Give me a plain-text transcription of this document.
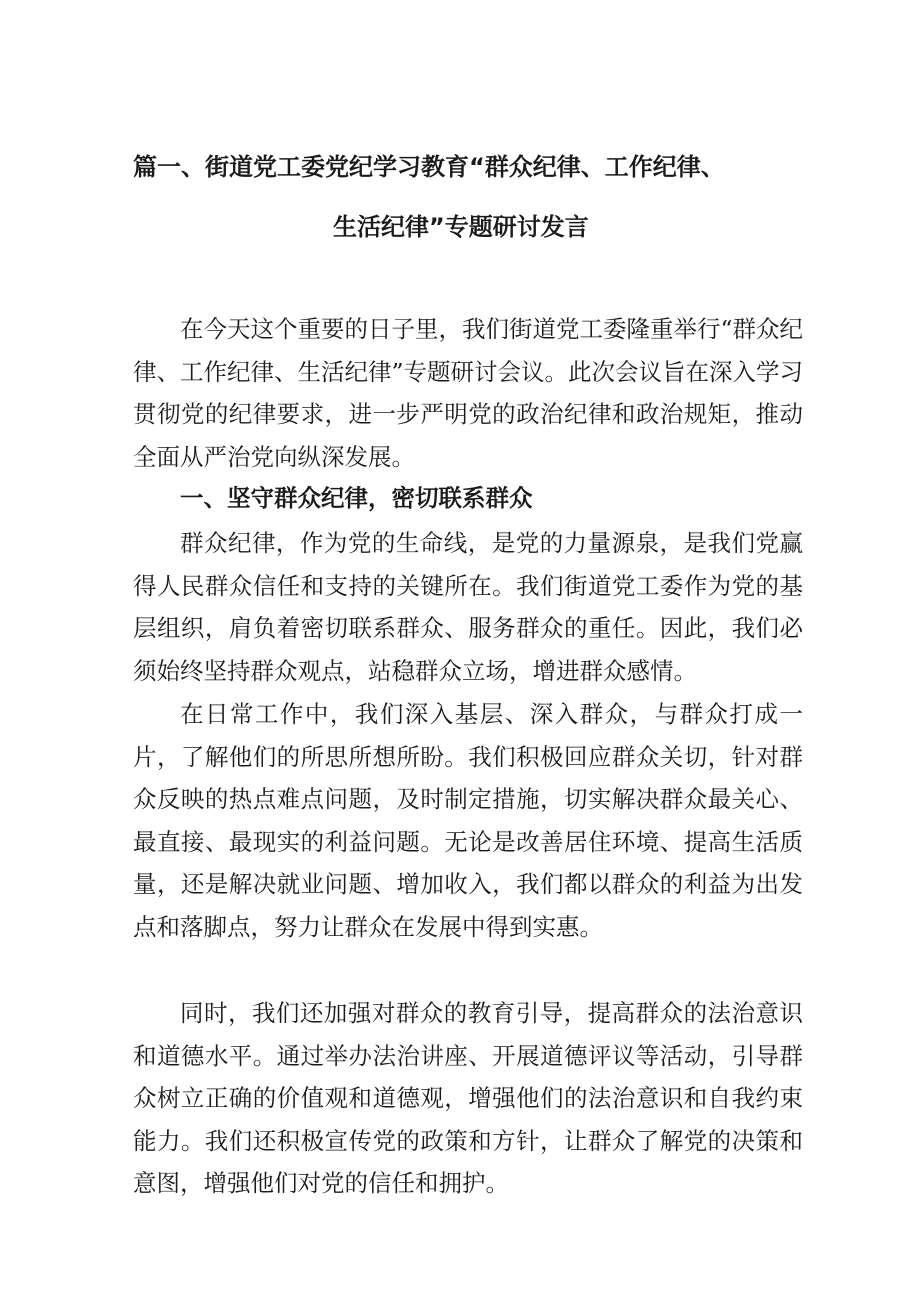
篇一、街道党工委党纪学习教育“群众纪律、工作纪律、
生活纪律”专题研讨发言

在今天这个重要的日子里，我们街道党工委隆重举行“群众纪律、工作纪律、生活纪律”专题研讨会议。此次会议旨在深入学习贯彻党的纪律要求，进一步严明党的政治纪律和政治规矩，推动全面从严治党向纵深发展。

一、坚守群众纪律，密切联系群众

群众纪律，作为党的生命线，是党的力量源泉，是我们党赢得人民群众信任和支持的关键所在。我们街道党工委作为党的基层组织，肩负着密切联系群众、服务群众的重任。因此，我们必须始终坚持群众观点，站稳群众立场，增进群众感情。

在日常工作中，我们深入基层、深入群众，与群众打成一片，了解他们的所思所想所盼。我们积极回应群众关切，针对群众反映的热点难点问题，及时制定措施，切实解决群众最关心、最直接、最现实的利益问题。无论是改善居住环境、提高生活质量，还是解决就业问题、增加收入，我们都以群众的利益为出发点和落脚点，努力让群众在发展中得到实惠。

同时，我们还加强对群众的教育引导，提高群众的法治意识和道德水平。通过举办法治讲座、开展道德评议等活动，引导群众树立正确的价值观和道德观，增强他们的法治意识和自我约束能力。我们还积极宣传党的政策和方针，让群众了解党的决策和意图，增强他们对党的信任和拥护。
